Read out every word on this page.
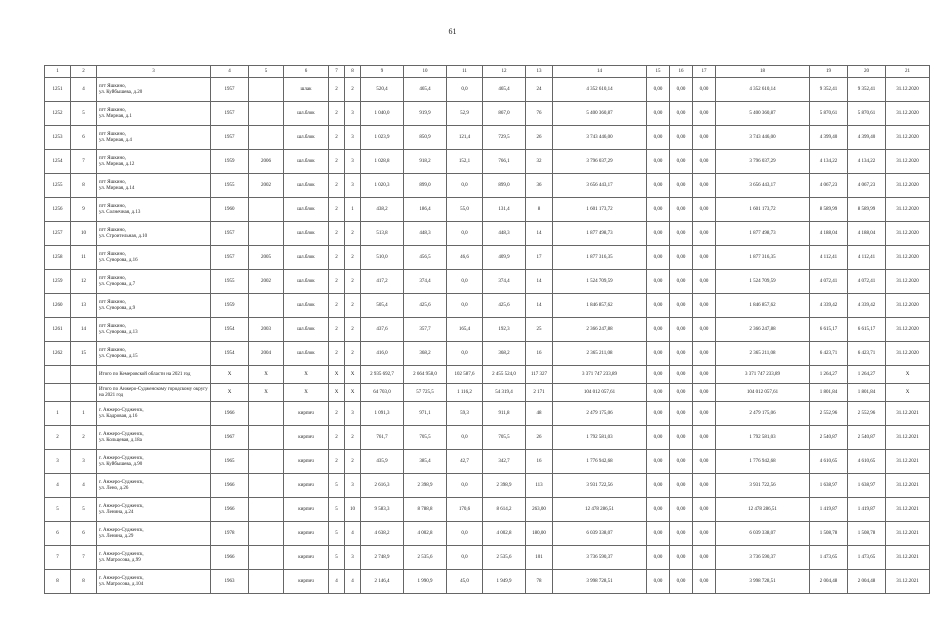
61
1	2	3	4	5	6	7	8	9	10	11	12	13	14	15	16	17	18	19	20	21
1251	4	пгт Яшкино,
ул. Куйбышева, д.20	1957		шлак	2	2	520,4	465,4	0,0	465,4	24	4 352 610,14	0,00	0,00	0,00	4 352 610,14	9 352,41	9 352,41	31.12.2020
1252	5	пгт Яшкино,
ул. Мирная, д.1	1957		шл.блок	2	3	1 040,0	919,9	52,9	867,0	76	5 400 360,87	0,00	0,00	0,00	5 400 360,87	5 870,61	5 870,61	31.12.2020
1253	6	пгт Яшкино,
ул. Мирная, д.4	1957		шл.блок	2	3	1 023,9	850,9	121,4	729,5	26	3 743 446,00	0,00	0,00	0,00	3 743 446,00	4 399,40	4 399,40	31.12.2020
1254	7	пгт Яшкино,
ул. Мирная, д.12	1959	2006	шл.блок	2	3	1 028,8	918,2	152,1	766,1	32	3 796 037,29	0,00	0,00	0,00	3 796 037,29	4 134,22	4 134,22	31.12.2020
1255	8	пгт Яшкино,
ул. Мирная, д.14	1955	2002	шл.блок	2	3	1 020,3	899,0	0,0	899,0	36	3 656 443,17	0,00	0,00	0,00	3 656 443,17	4 067,23	4 067,23	31.12.2020
1256	9	пгт Яшкино,
ул. Солнечная, д.13	1960		шл.блок	2	1	438,2	186,4	55,0	131,4	8	1 601 173,72	0,00	0,00	0,00	1 601 173,72	8 589,99	8 589,99	31.12.2020
1257	10	пгт Яшкино,
ул. Строительная, д.10	1957		шл.блок	2	2	513,8	448,3	0,0	448,3	14	1 877 498,73	0,00	0,00	0,00	1 877 498,73	4 188,04	4 188,04	31.12.2020
1258	11	пгт Яшкино,
ул. Суворова, д.16	1957	2005	шл.блок	2	2	510,0	456,5	46,6	409,9	17	1 877 316,35	0,00	0,00	0,00	1 877 316,35	4 112,41	4 112,41	31.12.2020
1259	12	пгт Яшкино,
ул. Суворова, д.7	1955	2002	шл.блок	2	2	417,2	374,4	0,0	374,4	14	1 524 709,59	0,00	0,00	0,00	1 524 709,59	4 072,41	4 072,41	31.12.2020
1260	13	пгт Яшкино,
ул. Суворова, д.9	1959		шл.блок	2	2	505,4	425,6	0,0	425,6	14	1 846 857,62	0,00	0,00	0,00	1 846 857,62	4 339,42	4 339,42	31.12.2020
1261	14	пгт Яшкино,
ул. Суворова, д.13	1954	2003	шл.блок	2	2	437,6	357,7	165,4	192,3	25	2 366 247,88	0,00	0,00	0,00	2 366 247,88	6 615,17	6 615,17	31.12.2020
1262	15	пгт Яшкино,
ул. Суворова, д.15	1954	2004	шл.блок	2	2	416,0	368,2	0,0	368,2	16	2 365 211,08	0,00	0,00	0,00	2 365 211,08	6 423,71	6 423,71	31.12.2020
		Итого по Кемеровской области на 2021 год	X	X	X	X	X	2 935 692,7	2 664 958,0	102 587,6	2 455 524,0	117 327	3 371 747 233,89	0,00	0,00	0,00	3 371 747 233,89	1 264,27	1 264,27	X
		Итого по Анжеро-Судженскому городскому округу на 2021 год	X	X	X	X	X	64 703,0	57 725,5	1 116,2	54 319,4	2 171	104 012 057,61	0,00	0,00	0,00	104 012 057,61	1 801,84	1 801,84	X
1	1	г. Анжеро-Судженск,
ул. Кадровая, д.16	1966		кирпич	2	3	1 091,3	971,1	59,3	911,8	48	2 479 175,06	0,00	0,00	0,00	2 479 175,06	2 552,96	2 552,96	31.12.2021
2	2	г. Анжеро-Судженск,
ул. Кольцевая, д.18а	1967		кирпич	2	2	761,7	705,5	0,0	705,5	26	1 792 581,03	0,00	0,00	0,00	1 792 581,03	2 540,87	2 540,87	31.12.2021
3	3	г. Анжеро-Судженск,
ул. Куйбышева, д.90	1965		кирпич	2	2	435,9	385,4	42,7	342,7	16	1 776 942,68	0,00	0,00	0,00	1 776 942,68	4 610,65	4 610,65	31.12.2021
4	4	г. Анжеро-Судженск,
ул. Лено, д.26	1966		кирпич	5	3	2 616,3	2 398,9	0,0	2 398,9	113	3 931 722,56	0,00	0,00	0,00	3 931 722,56	1 638,97	1 638,97	31.12.2021
5	5	г. Анжеро-Судженск,
ул. Ленина, д.24	1966		кирпич	5	10	9 583,3	8 788,8	170,6	8 614,2	263,00	12 478 286,51	0,00	0,00	0,00	12 478 286,51	1 419,87	1 419,87	31.12.2021
6	6	г. Анжеро-Судженск,
ул. Ленина, д.29	1978		кирпич	5	4	4 638,2	4 002,8	0,0	4 002,8	180,00	6 039 338,07	0,00	0,00	0,00	6 039 338,07	1 508,78	1 508,78	31.12.2021
7	7	г. Анжеро-Судженск,
ул. Матросова, д.99	1966		кирпич	5	3	2 748,9	2 535,6	0,0	2 535,6	101	3 736 590,37	0,00	0,00	0,00	3 736 590,37	1 473,65	1 473,65	31.12.2021
8	8	г. Анжеро-Судженск,
ул. Матросова, д.104	1963		кирпич	4	4	2 146,4	1 990,9	45,0	1 949,9	78	3 998 728,51	0,00	0,00	0,00	3 998 728,51	2 004,48	2 004,48	31.12.2021
